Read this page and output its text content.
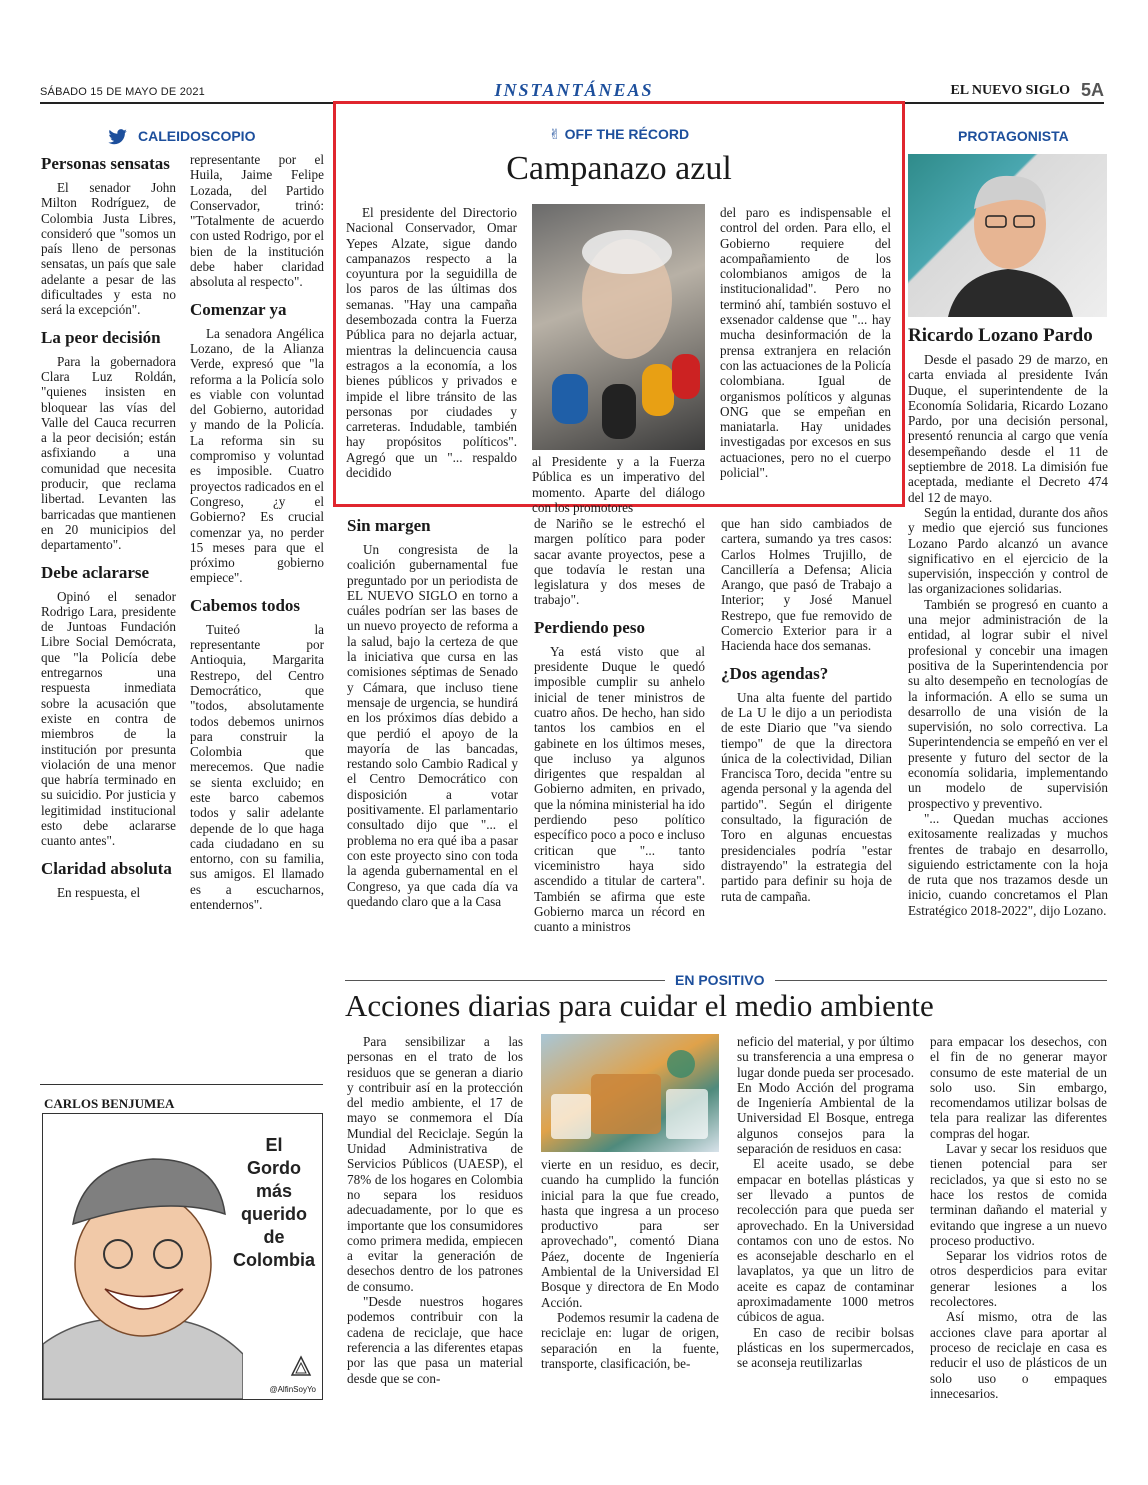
SÁBADO 15 DE MAYO DE 2021	INSTANTÁNEAS	EL NUEVO SIGLO 5A
CALEIDOSCOPIO
Personas sensatas

El senador John Milton Rodríguez, de Colombia Justa Libres, consideró que "somos un país lleno de personas sensatas, un país que sale adelante a pesar de las dificultades y esta no será la excepción".

La peor decisión

Para la gobernadora Clara Luz Roldán, "quienes insisten en bloquear las vías del Valle del Cauca recurren a la peor decisión; están asfixiando a una comunidad que necesita producir, que reclama libertad. Levanten las barricadas que mantienen en 20 municipios del departamento".

Debe aclararse

Opinó el senador Rodrigo Lara, presidente de Juntoas Fundación Libre Social Demócrata, que "la Policía debe entregarnos una respuesta inmediata sobre la acusación que existe en contra de miembros de la institución por presunta violación de una menor que habría terminado en su suicidio. Por justicia y legitimidad institucional esto debe aclararse cuanto antes".

Claridad absoluta

En respuesta, el

representante por el Huila, Jaime Felipe Lozada, del Partido Conservador, trinó: "Totalmente de acuerdo con usted Rodrigo, por el bien de la institución debe haber claridad absoluta al respecto".

Comenzar ya

La senadora Angélica Lozano, de la Alianza Verde, expresó que "la reforma a la Policía solo es viable con voluntad del Gobierno, autoridad y mando de la Policía. La reforma sin su compromiso y voluntad es imposible. Cuatro proyectos radicados en el Congreso, ¿y el Gobierno? Es crucial comenzar ya, no perder 15 meses para que el próximo gobierno empiece".

Cabemos todos

Tuiteó la representante por Antioquia, Margarita Restrepo, del Centro Democrático, que "todos, absolutamente todos debemos unirnos para construir la Colombia que merecemos. Que nadie se sienta excluido; en este barco cabemos todos y salir adelante depende de lo que haga cada ciudadano en su entorno, con su familia, sus amigos. El llamado es a escucharnos, entendernos".

CARLOS BENJUMEA
El
Gordo
más
querido
de
Colombia
@AlfinSoyYo
✌ OFF THE RÉCORD
Campanazo azul

El presidente del Directorio Nacional Conservador, Omar Yepes Alzate, sigue dando campanazos respecto a la coyuntura por la seguidilla de los paros de las últimas dos semanas. "Hay una campaña desembozada contra la Fuerza Pública para no dejarla actuar, mientras la delincuencia causa estragos a la economía, a los bienes públicos y privados e impide el libre tránsito de las personas por ciudades y carreteras. Indudable, también hay propósitos políticos". Agregó que un "... respaldo decidido

al Presidente y a la Fuerza Pública es un imperativo del momento. Aparte del diálogo con los promotores

del paro es indispensable el control del orden. Para ello, el Gobierno requiere del acompañamiento de los colombianos amigos de la institucionalidad". Pero no terminó ahí, también sostuvo el exsenador caldense que "... hay mucha desinformación de la prensa extranjera en relación con las actuaciones de la Policía colombiana. Igual de organismos políticos y algunas ONG que se empeñan en maniatarla. Hay unidades investigadas por excesos en sus actuaciones, pero no el cuerpo policial".

PROTAGONISTA
Ricardo Lozano Pardo

Desde el pasado 29 de marzo, en carta enviada al presidente Iván Duque, el superintendente de la Economía Solidaria, Ricardo Lozano Pardo, por una decisión personal, presentó renuncia al cargo que venía desempeñando desde el 11 de septiembre de 2018. La dimisión fue aceptada, mediante el Decreto 474 del 12 de mayo.

Según la entidad, durante dos años y medio que ejerció sus funciones Lozano Pardo alcanzó un avance significativo en el ejercicio de la supervisión, inspección y control de las organizaciones solidarias.

También se progresó en cuanto a una mejor administración de la entidad, al lograr subir el nivel profesional y concebir una imagen positiva de la Superintendencia por su alto desempeño en tecnologías de la información. A ello se suma un desarrollo de una visión de la supervisión, no solo correctiva. La Superintendencia se empeñó en ver el presente y futuro del sector de la economía solidaria, implementando un modelo de supervisión prospectivo y preventivo.

"... Quedan muchas acciones exitosamente realizadas y muchos frentes de trabajo en desarrollo, siguiendo estrictamente con la hoja de ruta que nos trazamos desde un inicio, cuando concretamos el Plan Estratégico 2018-2022", dijo Lozano.

Sin margen

Un congresista de la coalición gubernamental fue preguntado por un periodista de EL NUEVO SIGLO en torno a cuáles podrían ser las bases de un nuevo proyecto de reforma a la salud, bajo la certeza de que la iniciativa que cursa en las comisiones séptimas de Senado y Cámara, que incluso tiene mensaje de urgencia, se hundirá en los próximos días debido a que perdió el apoyo de la mayoría de las bancadas, restando solo Cambio Radical y el Centro Democrático con disposición a votar positivamente. El parlamentario consultado dijo que "... el problema no era qué iba a pasar con este proyecto sino con toda la agenda gubernamental en el Congreso, ya que cada día va quedando claro que a la Casa

de Nariño se le estrechó el margen político para poder sacar avante proyectos, pese a que todavía le restan una legislatura y dos meses de trabajo".

Perdiendo peso

Ya está visto que al presidente Duque le quedó imposible cumplir su anhelo inicial de tener ministros de cuatro años. De hecho, han sido tantos los cambios en el gabinete en los últimos meses, que incluso ya algunos dirigentes que respaldan al Gobierno admiten, en privado, que la nómina ministerial ha ido perdiendo peso político específico poco a poco e incluso critican que "... tanto viceministro haya sido ascendido a titular de cartera". También se afirma que este Gobierno marca un récord en cuanto a ministros

que han sido cambiados de cartera, sumando ya tres casos: Carlos Holmes Trujillo, de Cancillería a Defensa; Alicia Arango, que pasó de Trabajo a Interior; y José Manuel Restrepo, que fue removido de Comercio Exterior para ir a Hacienda hace dos semanas.

¿Dos agendas?

Una alta fuente del partido de La U le dijo a un periodista de este Diario que "va siendo tiempo" de que la directora única de la colectividad, Dilian Francisca Toro, decida "entre su agenda personal y la agenda del partido". Según el dirigente consultado, la figuración de Toro en algunas encuestas presidenciales podría "estar distrayendo" la estrategia del partido para definir su hoja de ruta de campaña.

EN POSITIVO
Acciones diarias para cuidar el medio ambiente

Para sensibilizar a las personas en el trato de los residuos que se generan a diario y contribuir así en la protección del medio ambiente, el 17 de mayo se conmemora el Día Mundial del Reciclaje. Según la Unidad Administrativa de Servicios Públicos (UAESP), el 78% de los hogares en Colombia no separa los residuos adecuadamente, por lo que es importante que los consumidores como primera medida, empiecen a evitar la generación de desechos dentro de los patrones de consumo.

"Desde nuestros hogares podemos contribuir con la cadena de reciclaje, que hace referencia a las diferentes etapas por las que pasa un material desde que se con-

vierte en un residuo, es decir, cuando ha cumplido la función inicial para la que fue creado, hasta que ingresa a un proceso productivo para ser aprovechado", comentó Diana Páez, docente de Ingeniería Ambiental de la Universidad El Bosque y directora de En Modo Acción.

Podemos resumir la cadena de reciclaje en: lugar de origen, separación en la fuente, transporte, clasificación, be-

neficio del material, y por último su transferencia a una empresa o lugar donde pueda ser procesado. En Modo Acción del programa de Ingeniería Ambiental de la Universidad El Bosque, entrega algunos consejos para la separación de residuos en casa:

El aceite usado, se debe empacar en botellas plásticas y ser llevado a puntos de recolección para que pueda ser aprovechado. En la Universidad contamos con uno de estos. No es aconsejable descharlo en el lavaplatos, ya que un litro de aceite es capaz de contaminar aproximadamente 1000 metros cúbicos de agua.

En caso de recibir bolsas plásticas en los supermercados, se aconseja reutilizarlas

para empacar los desechos, con el fin de no generar mayor consumo de este material de un solo uso. Sin embargo, recomendamos utilizar bolsas de tela para realizar las diferentes compras del hogar.

Lavar y secar los residuos que tienen potencial para ser reciclados, ya que si esto no se hace los restos de comida terminan dañando el material y evitando que ingrese a un nuevo proceso productivo.

Separar los vidrios rotos de otros desperdicios para evitar generar lesiones a los recolectores.

Así mismo, otra de las acciones clave para aportar al proceso de reciclaje en casa es reducir el uso de plásticos de un solo uso o empaques innecesarios.
